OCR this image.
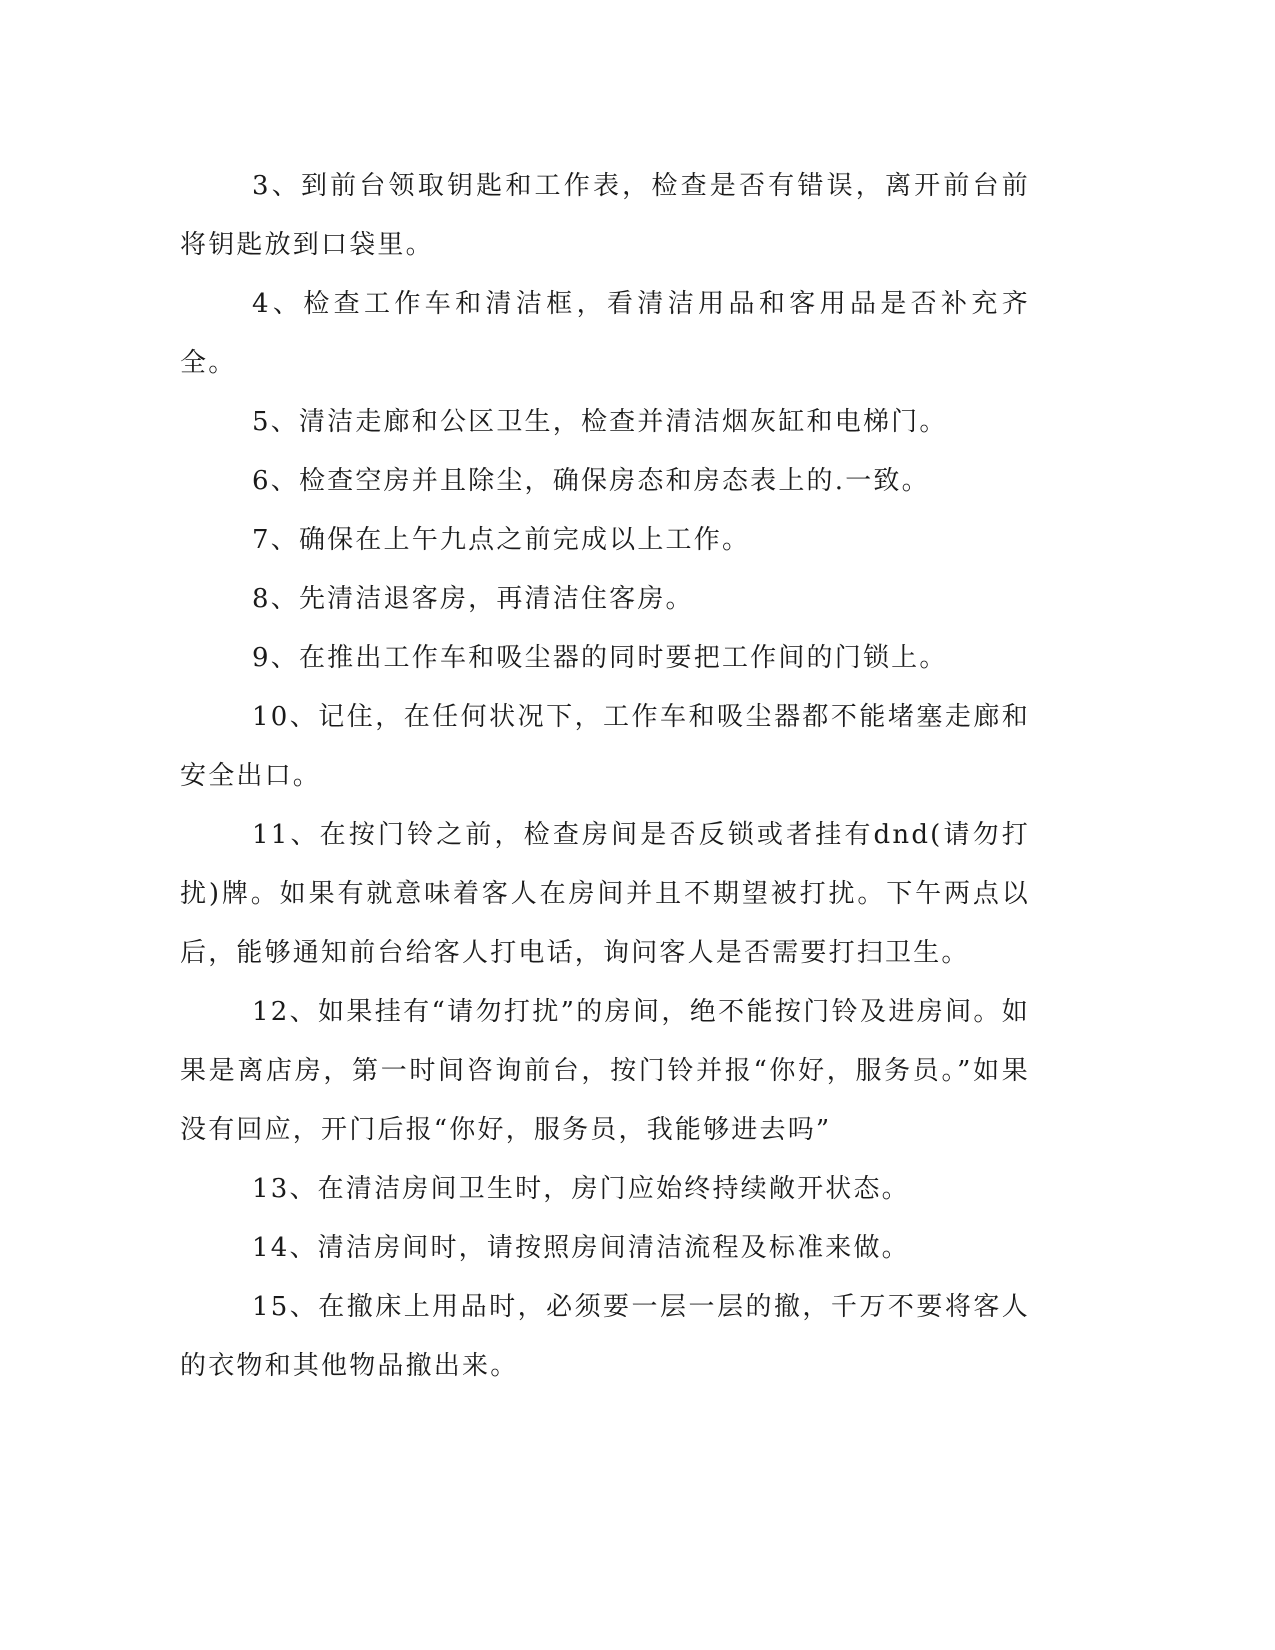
3、到前台领取钥匙和工作表，检查是否有错误，离开前台前将钥匙放到口袋里。

4、检查工作车和清洁框，看清洁用品和客用品是否补充齐全。

5、清洁走廊和公区卫生，检查并清洁烟灰缸和电梯门。

6、检查空房并且除尘，确保房态和房态表上的.一致。

7、确保在上午九点之前完成以上工作。

8、先清洁退客房，再清洁住客房。

9、在推出工作车和吸尘器的同时要把工作间的门锁上。

10、记住，在任何状况下，工作车和吸尘器都不能堵塞走廊和安全出口。

11、在按门铃之前，检查房间是否反锁或者挂有dnd(请勿打扰)牌。如果有就意味着客人在房间并且不期望被打扰。下午两点以后，能够通知前台给客人打电话，询问客人是否需要打扫卫生。

12、如果挂有“请勿打扰”的房间，绝不能按门铃及进房间。如果是离店房，第一时间咨询前台，按门铃并报“你好，服务员。”如果没有回应，开门后报“你好，服务员，我能够进去吗”

13、在清洁房间卫生时，房门应始终持续敞开状态。

14、清洁房间时，请按照房间清洁流程及标准来做。

15、在撤床上用品时，必须要一层一层的撤，千万不要将客人的衣物和其他物品撤出来。
